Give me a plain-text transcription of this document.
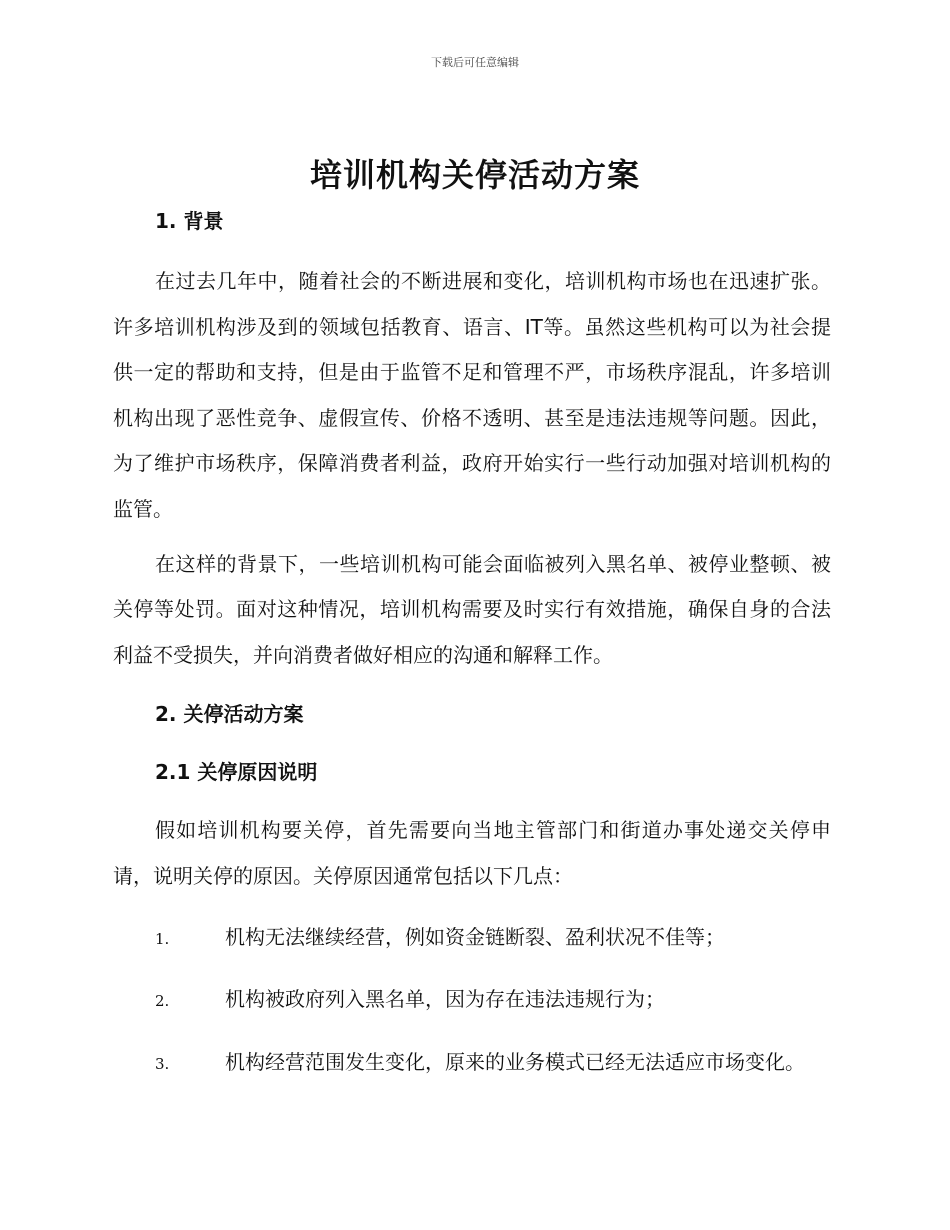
下载后可任意编辑
培训机构关停活动方案
1. 背景

在过去几年中，随着社会的不断进展和变化，培训机构市场也在迅速扩张。许多培训机构涉及到的领域包括教育、语言、IT等。虽然这些机构可以为社会提供一定的帮助和支持，但是由于监管不足和管理不严，市场秩序混乱，许多培训机构出现了恶性竞争、虚假宣传、价格不透明、甚至是违法违规等问题。因此，为了维护市场秩序，保障消费者利益，政府开始实行一些行动加强对培训机构的监管。

在这样的背景下，一些培训机构可能会面临被列入黑名单、被停业整顿、被关停等处罚。面对这种情况，培训机构需要及时实行有效措施，确保自身的合法利益不受损失，并向消费者做好相应的沟通和解释工作。

2. 关停活动方案
2.1 关停原因说明

假如培训机构要关停，首先需要向当地主管部门和街道办事处递交关停申请，说明关停的原因。关停原因通常包括以下几点：

1.	机构无法继续经营，例如资金链断裂、盈利状况不佳等；

2.	机构被政府列入黑名单，因为存在违法违规行为；

3.	机构经营范围发生变化，原来的业务模式已经无法适应市场变化。
